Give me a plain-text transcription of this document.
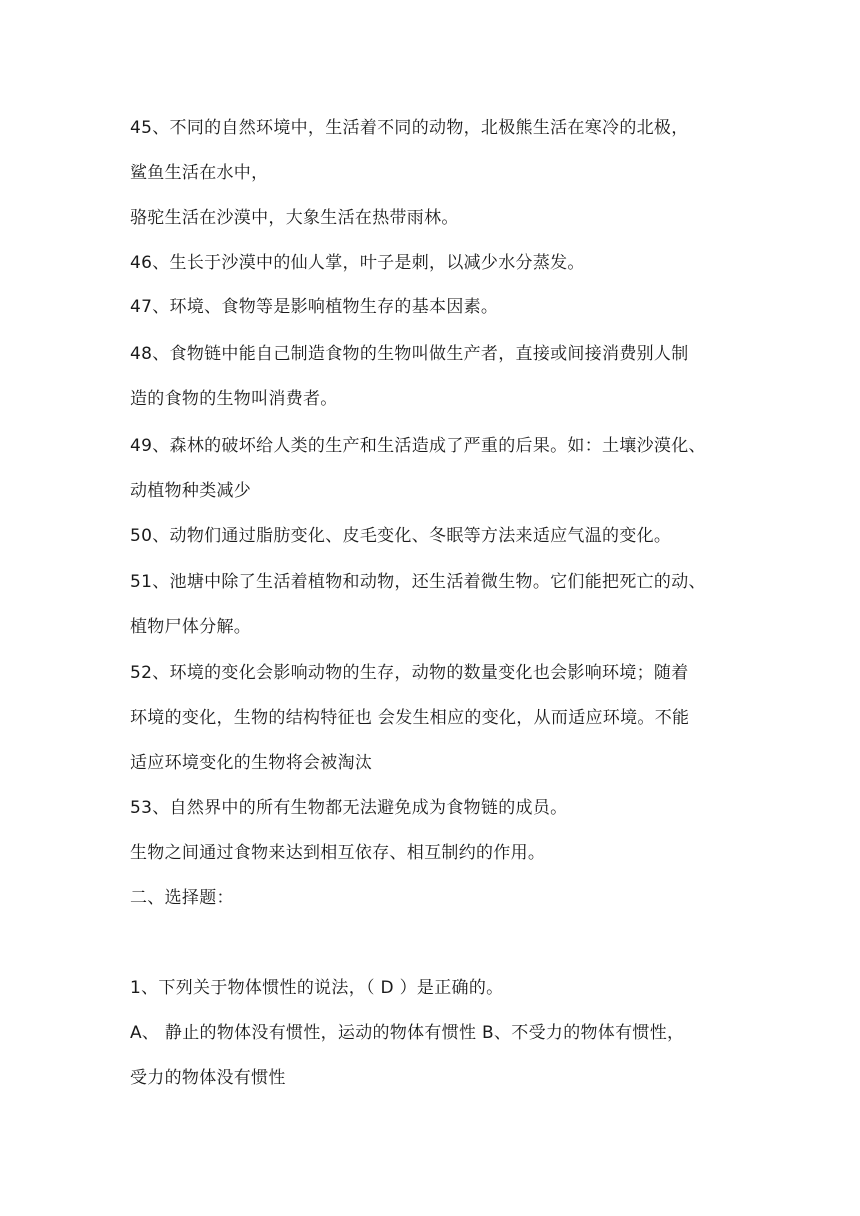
45、不同的自然环境中，生活着不同的动物，北极熊生活在寒冷的北极，
鲨鱼生活在水中，
骆驼生活在沙漠中，大象生活在热带雨林。
46、生长于沙漠中的仙人掌，叶子是刺，以减少水分蒸发。
47、环境、食物等是影响植物生存的基本因素。
48、食物链中能自己制造食物的生物叫做生产者，直接或间接消费别人制
造的食物的生物叫消费者。
49、森林的破坏给人类的生产和生活造成了严重的后果。如：土壤沙漠化、
动植物种类减少
50、动物们通过脂肪变化、皮毛变化、冬眠等方法来适应气温的变化。
51、池塘中除了生活着植物和动物，还生活着微生物。它们能把死亡的动、
植物尸体分解。
52、环境的变化会影响动物的生存，动物的数量变化也会影响环境；随着
环境的变化，生物的结构特征也 会发生相应的变化，从而适应环境。不能
适应环境变化的生物将会被淘汰
53、自然界中的所有生物都无法避免成为食物链的成员。
生物之间通过食物来达到相互依存、相互制约的作用。
二、选择题：
1、下列关于物体惯性的说法，（ D ）是正确的。
A、 静止的物体没有惯性，运动的物体有惯性 B、不受力的物体有惯性，
受力的物体没有惯性
